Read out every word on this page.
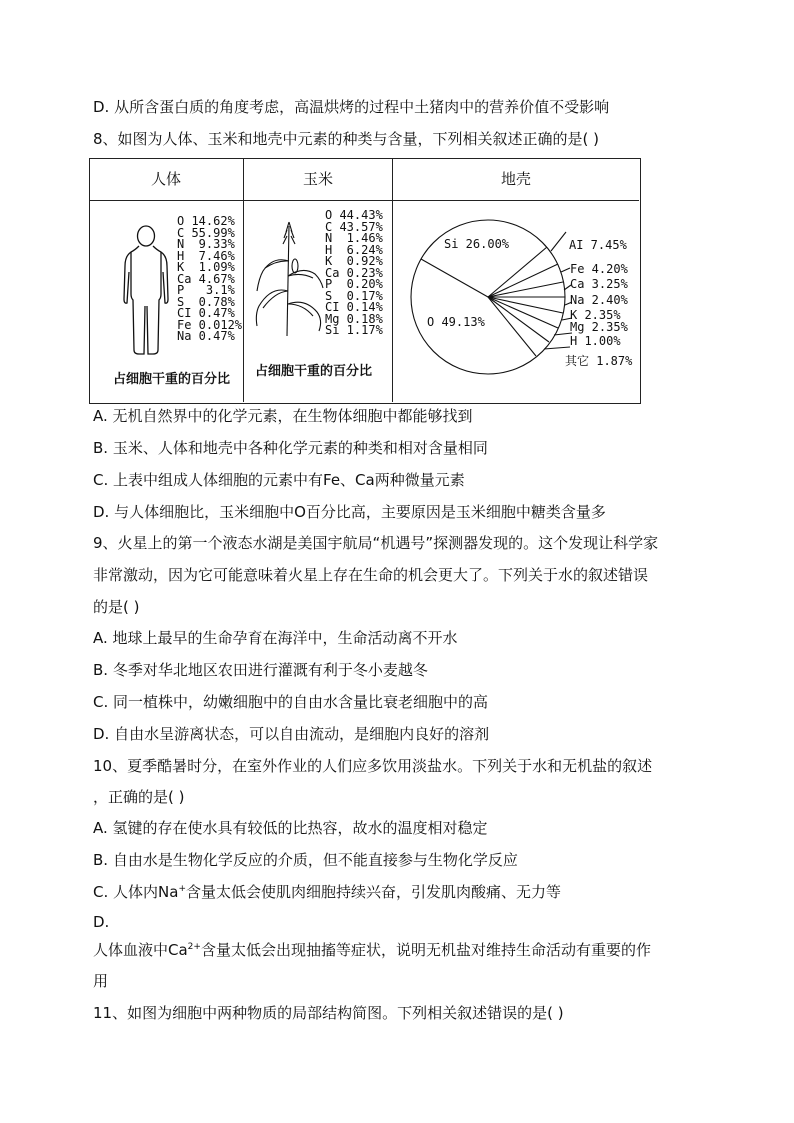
D. 从所含蛋白质的角度考虑，高温烘烤的过程中土猪肉中的营养价值不受影响
8、如图为人体、玉米和地壳中元素的种类与含量，下列相关叙述正确的是( )
人体	玉米	地壳
O 14.62%
C 55.99%
N  9.33%
H  7.46%
K  1.09%
Ca 4.67%
P   3.1%
S  0.78%
CI 0.47%
Fe 0.012%
Na 0.47%
占细胞干重的百分比
O 44.43%
C 43.57%
N  1.46%
H  6.24%
K  0.92%
Ca 0.23%
P  0.20%
S  0.17%
CI 0.14%
Mg 0.18%
Si 1.17%
占细胞干重的百分比
Si 26.00%
O 49.13%
AI 7.45%
Fe 4.20%
Ca 3.25%
Na 2.40%
K 2.35%
Mg 2.35%
H 1.00%
其它 1.87%
A. 无机自然界中的化学元素，在生物体细胞中都能够找到
B. 玉米、人体和地壳中各种化学元素的种类和相对含量相同
C. 上表中组成人体细胞的元素中有Fe、Ca两种微量元素
D. 与人体细胞比，玉米细胞中O百分比高，主要原因是玉米细胞中糖类含量多
9、火星上的第一个液态水湖是美国宇航局“机遇号”探测器发现的。这个发现让科学家
非常激动，因为它可能意味着火星上存在生命的机会更大了。下列关于水的叙述错误
的是( )
A. 地球上最早的生命孕育在海洋中，生命活动离不开水
B. 冬季对华北地区农田进行灌溉有利于冬小麦越冬
C. 同一植株中，幼嫩细胞中的自由水含量比衰老细胞中的高
D. 自由水呈游离状态，可以自由流动，是细胞内良好的溶剂
10、夏季酷暑时分，在室外作业的人们应多饮用淡盐水。下列关于水和无机盐的叙述
，正确的是( )
A. 氢键的存在使水具有较低的比热容，故水的温度相对稳定
B. 自由水是生物化学反应的介质，但不能直接参与生物化学反应
C. 人体内Na+含量太低会使肌肉细胞持续兴奋，引发肌肉酸痛、无力等
D.
人体血液中$Ca^{2+}$含量太低会出现抽搐等症状，说明无机盐对维持生命活动有重要的作
用
11、如图为细胞中两种物质的局部结构简图。下列相关叙述错误的是( )
